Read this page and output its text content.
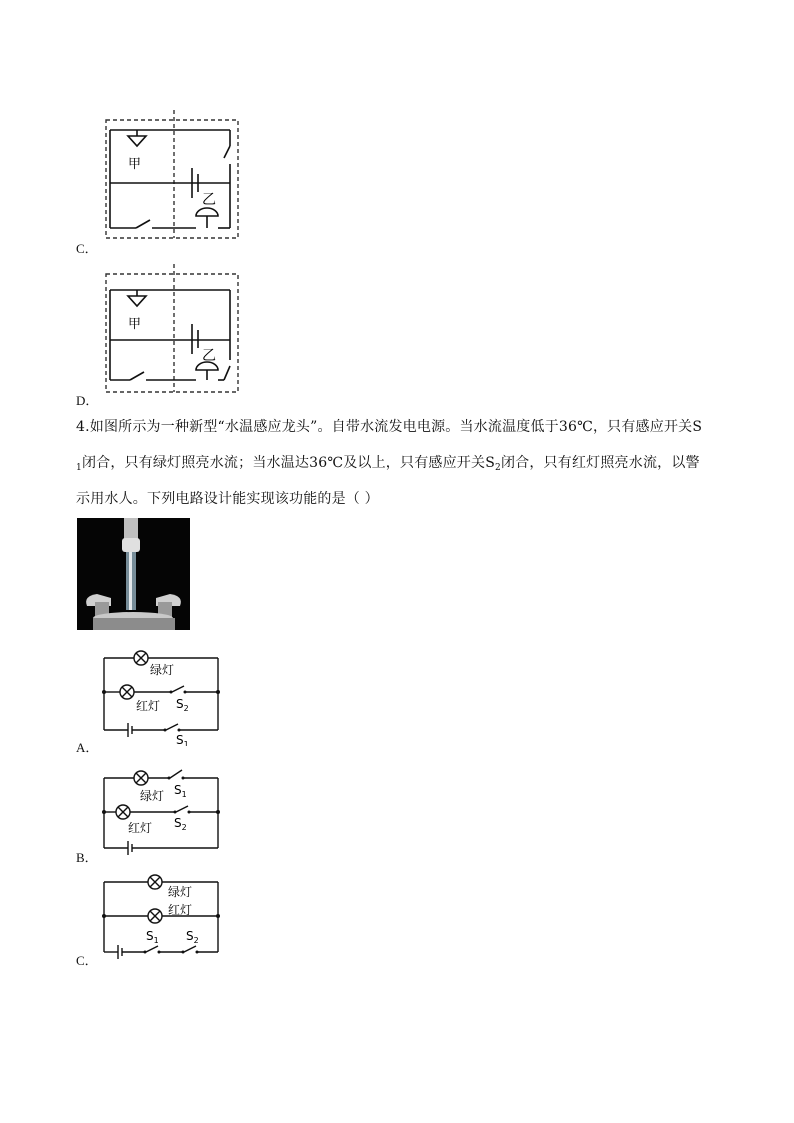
甲
乙
C．
甲
乙
D．
4.如图所示为一种新型“水温感应龙头”。自带水流发电电源。当水流温度低于36℃，只有感应开关S
$_1$闭合，只有绿灯照亮水流；当水温达36℃及以上，只有感应开关$S_2$闭合，只有红灯照亮水流，以警
示用水人。下列电路设计能实现该功能的是（ ）
绿灯
红灯 $S_2$
$S_1$
A．
绿灯
红灯
$S_1$
$S_2$
B．
绿灯
红灯
$S_1$ $S_2$
C．
